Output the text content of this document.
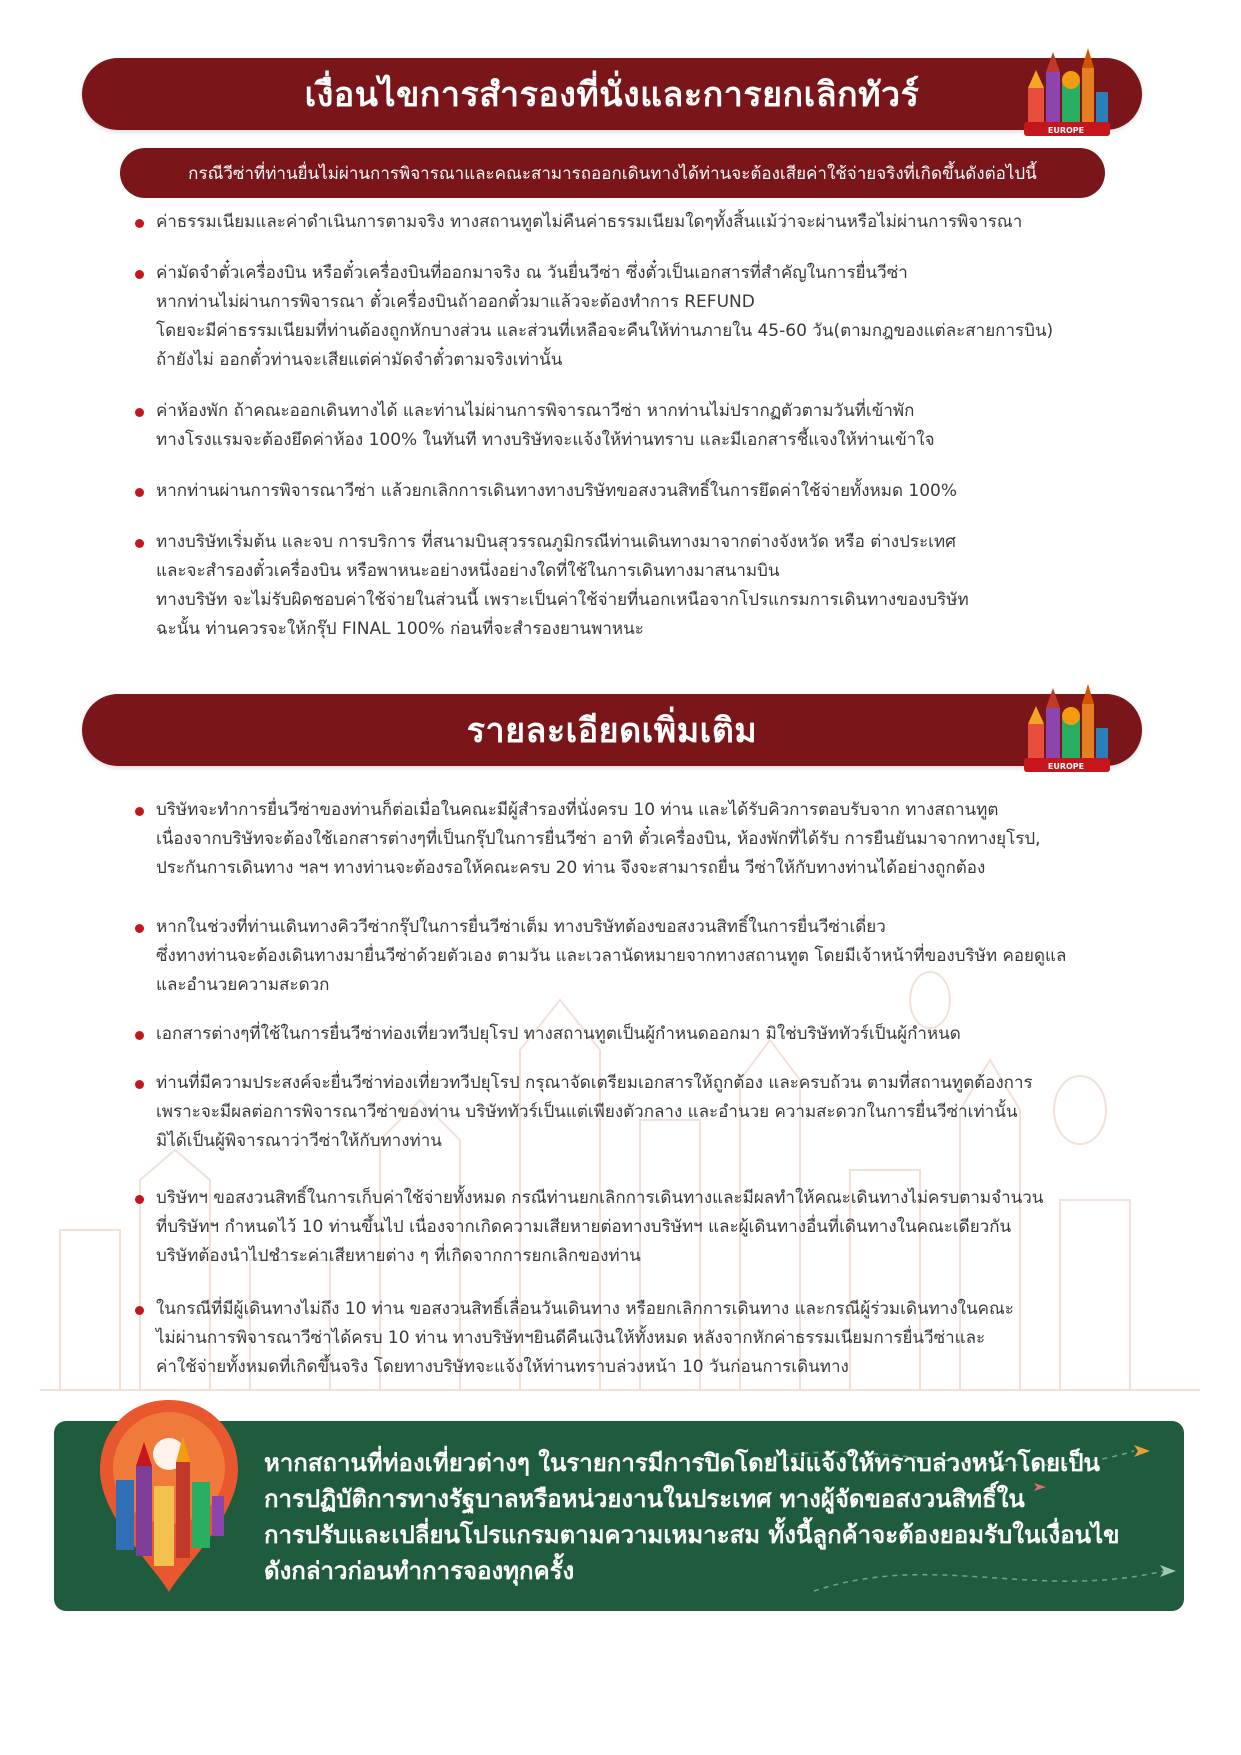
เงื่อนไขการสำรองที่นั่งและการยกเลิกทัวร์
EUROPE
กรณีวีซ่าที่ท่านยื่นไม่ผ่านการพิจารณาและคณะสามารถออกเดินทางได้ท่านจะต้องเสียค่าใช้จ่ายจริงที่เกิดขึ้นดังต่อไปนี้
ค่าธรรมเนียมและค่าดำเนินการตามจริง ทางสถานทูตไม่คืนค่าธรรมเนียมใดๆทั้งสิ้นแม้ว่าจะผ่านหรือไม่ผ่านการพิจารณา
ค่ามัดจำตั๋วเครื่องบิน หรือตั๋วเครื่องบินที่ออกมาจริง ณ วันยื่นวีซ่า ซึ่งตั๋วเป็นเอกสารที่สำคัญในการยื่นวีซ่า
หากท่านไม่ผ่านการพิจารณา ตั๋วเครื่องบินถ้าออกตั๋วมาแล้วจะต้องทำการ REFUND
โดยจะมีค่าธรรมเนียมที่ท่านต้องถูกหักบางส่วน และส่วนที่เหลือจะคืนให้ท่านภายใน 45-60 วัน(ตามกฎของแต่ละสายการบิน)
ถ้ายังไม่ ออกตั๋วท่านจะเสียแต่ค่ามัดจำตั๋วตามจริงเท่านั้น
ค่าห้องพัก ถ้าคณะออกเดินทางได้ และท่านไม่ผ่านการพิจารณาวีซ่า หากท่านไม่ปรากฏตัวตามวันที่เข้าพัก
ทางโรงแรมจะต้องยึดค่าห้อง 100% ในทันที ทางบริษัทจะแจ้งให้ท่านทราบ และมีเอกสารชี้แจงให้ท่านเข้าใจ
หากท่านผ่านการพิจารณาวีซ่า แล้วยกเลิกการเดินทางทางบริษัทขอสงวนสิทธิ์ในการยึดค่าใช้จ่ายทั้งหมด 100%
ทางบริษัทเริ่มต้น และจบ การบริการ ที่สนามบินสุวรรณภูมิกรณีท่านเดินทางมาจากต่างจังหวัด หรือ ต่างประเทศ
และจะสำรองตั๋วเครื่องบิน หรือพาหนะอย่างหนึ่งอย่างใดที่ใช้ในการเดินทางมาสนามบิน
ทางบริษัท จะไม่รับผิดชอบค่าใช้จ่ายในส่วนนี้ เพราะเป็นค่าใช้จ่ายที่นอกเหนือจากโปรแกรมการเดินทางของบริษัท
ฉะนั้น ท่านควรจะให้กรุ๊ป FINAL 100% ก่อนที่จะสำรองยานพาหนะ
รายละเอียดเพิ่มเติม
EUROPE
บริษัทจะทำการยื่นวีซ่าของท่านก็ต่อเมื่อในคณะมีผู้สำรองที่นั่งครบ 10 ท่าน และได้รับคิวการตอบรับจาก ทางสถานทูต
เนื่องจากบริษัทจะต้องใช้เอกสารต่างๆที่เป็นกรุ๊ปในการยื่นวีซ่า อาทิ ตั๋วเครื่องบิน, ห้องพักที่ได้รับ การยืนยันมาจากทางยุโรป,
ประกันการเดินทาง ฯลฯ ทางท่านจะต้องรอให้คณะครบ 20 ท่าน จึงจะสามารถยื่น วีซ่าให้กับทางท่านได้อย่างถูกต้อง
หากในช่วงที่ท่านเดินทางคิววีซ่ากรุ๊ปในการยื่นวีซ่าเต็ม ทางบริษัทต้องขอสงวนสิทธิ์ในการยื่นวีซ่าเดี่ยว
ซึ่งทางท่านจะต้องเดินทางมายื่นวีซ่าด้วยตัวเอง ตามวัน และเวลานัดหมายจากทางสถานทูต โดยมีเจ้าหน้าที่ของบริษัท คอยดูแล
และอำนวยความสะดวก
เอกสารต่างๆที่ใช้ในการยื่นวีซ่าท่องเที่ยวทวีปยุโรป ทางสถานทูตเป็นผู้กำหนดออกมา มิใช่บริษัททัวร์เป็นผู้กำหนด
ท่านที่มีความประสงค์จะยื่นวีซ่าท่องเที่ยวทวีปยุโรป กรุณาจัดเตรียมเอกสารให้ถูกต้อง และครบถ้วน ตามที่สถานทูตต้องการ
เพราะจะมีผลต่อการพิจารณาวีซ่าของท่าน บริษัททัวร์เป็นแต่เพียงตัวกลาง และอำนวย ความสะดวกในการยื่นวีซ่าเท่านั้น
มิได้เป็นผู้พิจารณาว่าวีซ่าให้กับทางท่าน
บริษัทฯ ขอสงวนสิทธิ์ในการเก็บค่าใช้จ่ายทั้งหมด กรณีท่านยกเลิกการเดินทางและมีผลทำให้คณะเดินทางไม่ครบตามจำนวน
ที่บริษัทฯ กำหนดไว้ 10 ท่านขึ้นไป เนื่องจากเกิดความเสียหายต่อทางบริษัทฯ และผู้เดินทางอื่นที่เดินทางในคณะเดียวกัน
บริษัทต้องนำไปชำระค่าเสียหายต่าง ๆ ที่เกิดจากการยกเลิกของท่าน
ในกรณีที่มีผู้เดินทางไม่ถึง 10 ท่าน ขอสงวนสิทธิ์เลื่อนวันเดินทาง หรือยกเลิกการเดินทาง และกรณีผู้ร่วมเดินทางในคณะ
ไม่ผ่านการพิจารณาวีซ่าได้ครบ 10 ท่าน ทางบริษัทฯยินดีคืนเงินให้ทั้งหมด หลังจากหักค่าธรรมเนียมการยื่นวีซ่าและ
ค่าใช้จ่ายทั้งหมดที่เกิดขึ้นจริง โดยทางบริษัทจะแจ้งให้ท่านทราบล่วงหน้า 10 วันก่อนการเดินทาง
หากสถานที่ท่องเที่ยวต่างๆ ในรายการมีการปิดโดยไม่แจ้งให้ทราบล่วงหน้าโดยเป็น
การปฏิบัติการทางรัฐบาลหรือหน่วยงานในประเทศ ทางผู้จัดขอสงวนสิทธิ์ใน
การปรับและเปลี่ยนโปรแกรมตามความเหมาะสม ทั้งนี้ลูกค้าจะต้องยอมรับในเงื่อนไข
ดังกล่าวก่อนทำการจองทุกครั้ง
